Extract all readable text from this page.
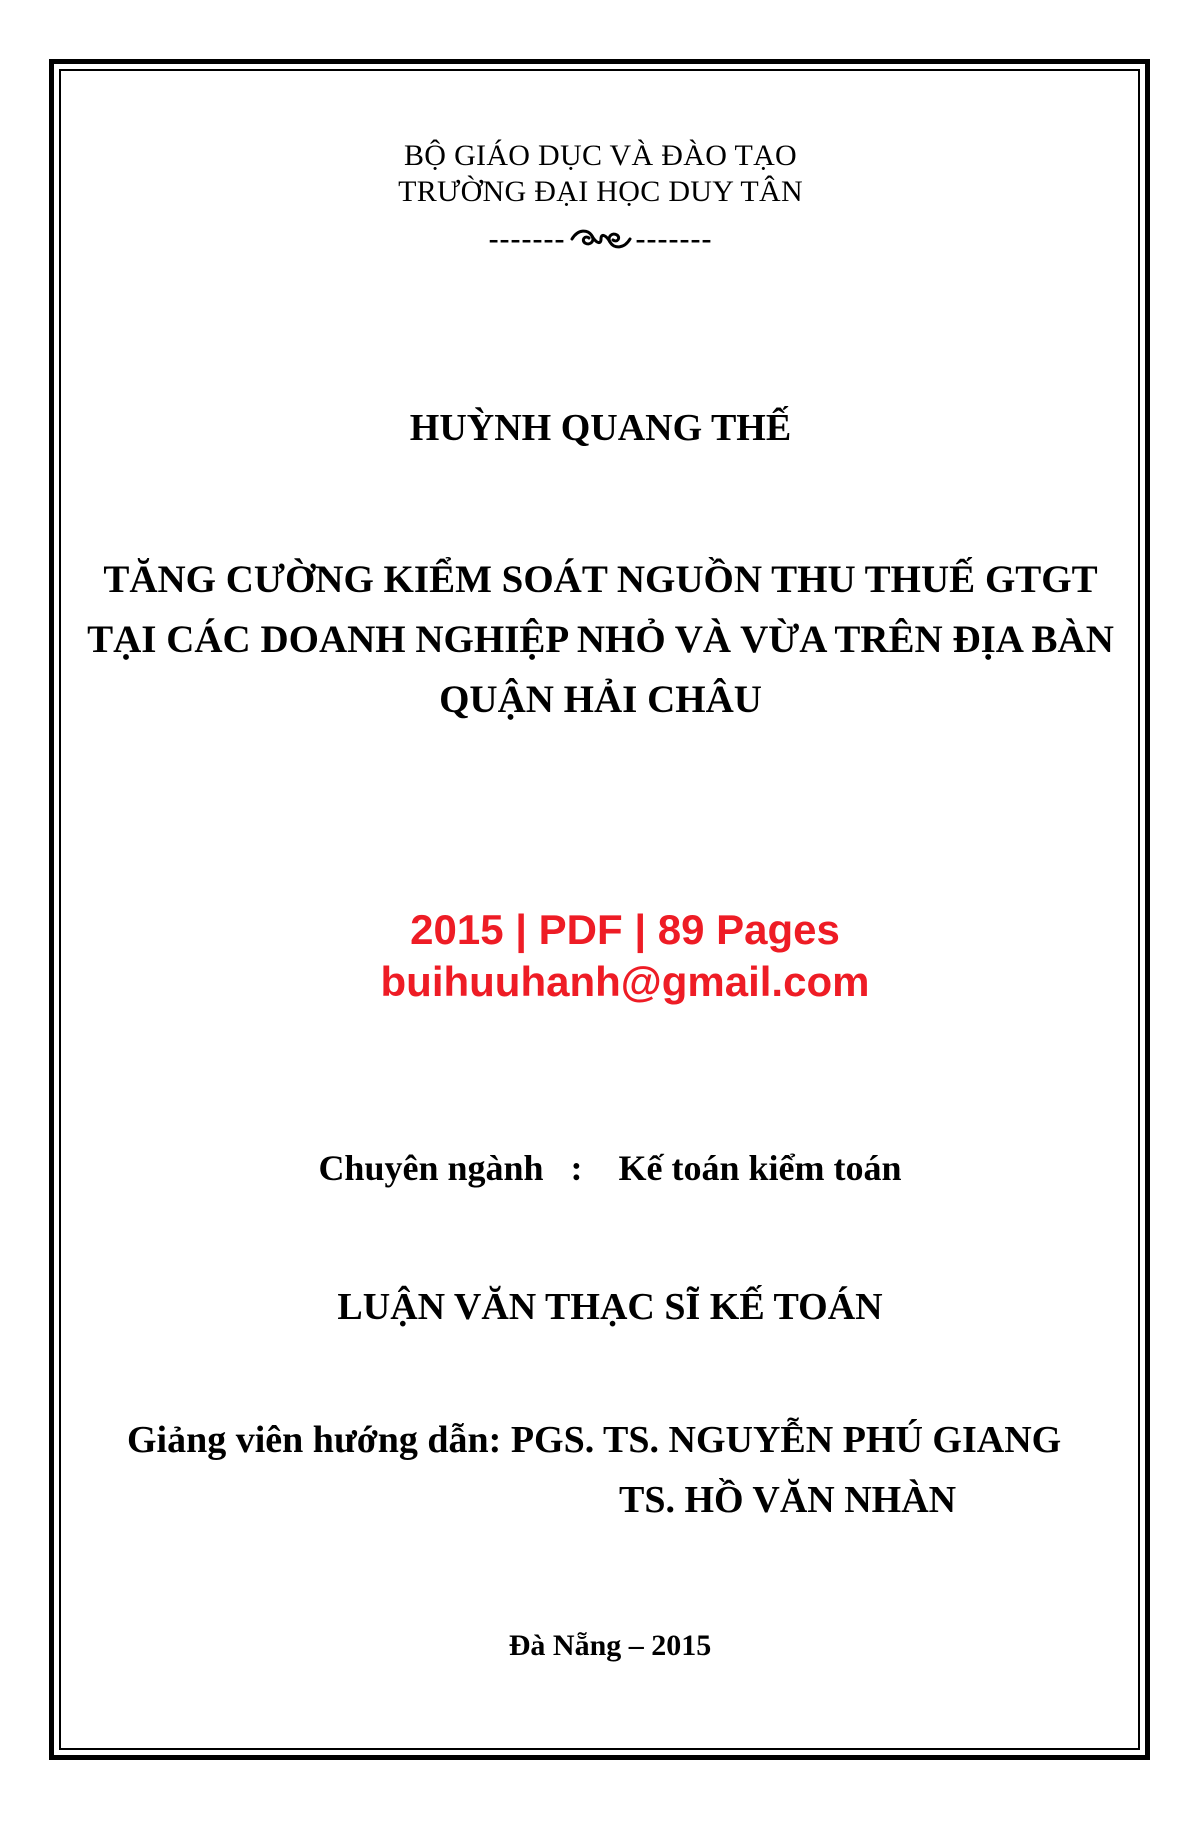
BỘ GIÁO DỤC VÀ ĐÀO TẠO
TRƯỜNG ĐẠI HỌC DUY TÂN
------- -------
HUỲNH QUANG THẾ
TĂNG CƯỜNG KIỂM SOÁT NGUỒN THU THUẾ GTGT
TẠI CÁC DOANH NGHIỆP NHỎ VÀ VỪA TRÊN ĐỊA BÀN
QUẬN HẢI CHÂU
2015 | PDF | 89 Pages
buihuuhanh@gmail.com
Chuyên ngành : Kế toán kiểm toán
LUẬN VĂN THẠC SĨ KẾ TOÁN
Giảng viên hướng dẫn: PGS. TS. NGUYỄN PHÚ GIANG
TS. HỒ VĂN NHÀN
Đà Nẵng – 2015
